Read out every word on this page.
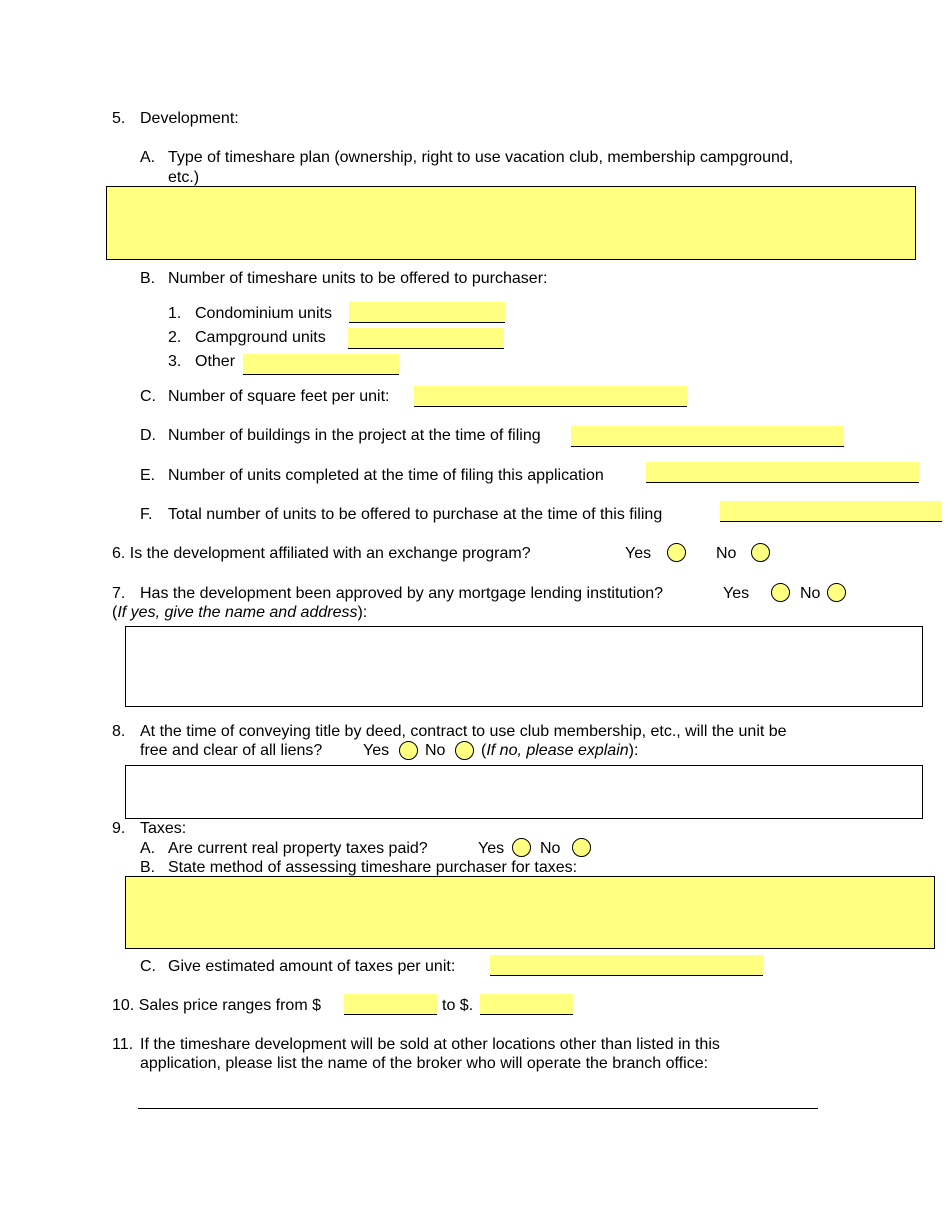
5. Development:
A. Type of timeshare plan (ownership, right to use vacation club, membership campground,
etc.)
B. Number of timeshare units to be offered to purchaser:
1. Condominium units
2. Campground units
3. Other
C. Number of square feet per unit:
D. Number of buildings in the project at the time of filing
E. Number of units completed at the time of filing this application
F. Total number of units to be offered to purchase at the time of this filing
6. Is the development affiliated with an exchange program?	Yes	No
7. Has the development been approved by any mortgage lending institution?	Yes	No
(If yes, give the name and address):
8. At the time of conveying title by deed, contract to use club membership, etc., will the unit be
free and clear of all liens?	Yes No (If no, please explain):
9. Taxes:
A. Are current real property taxes paid?	Yes No
B. State method of assessing timeshare purchaser for taxes:
C. Give estimated amount of taxes per unit:
10. Sales price ranges from $	to $.
11. If the timeshare development will be sold at other locations other than listed in this
application, please list the name of the broker who will operate the branch office:
